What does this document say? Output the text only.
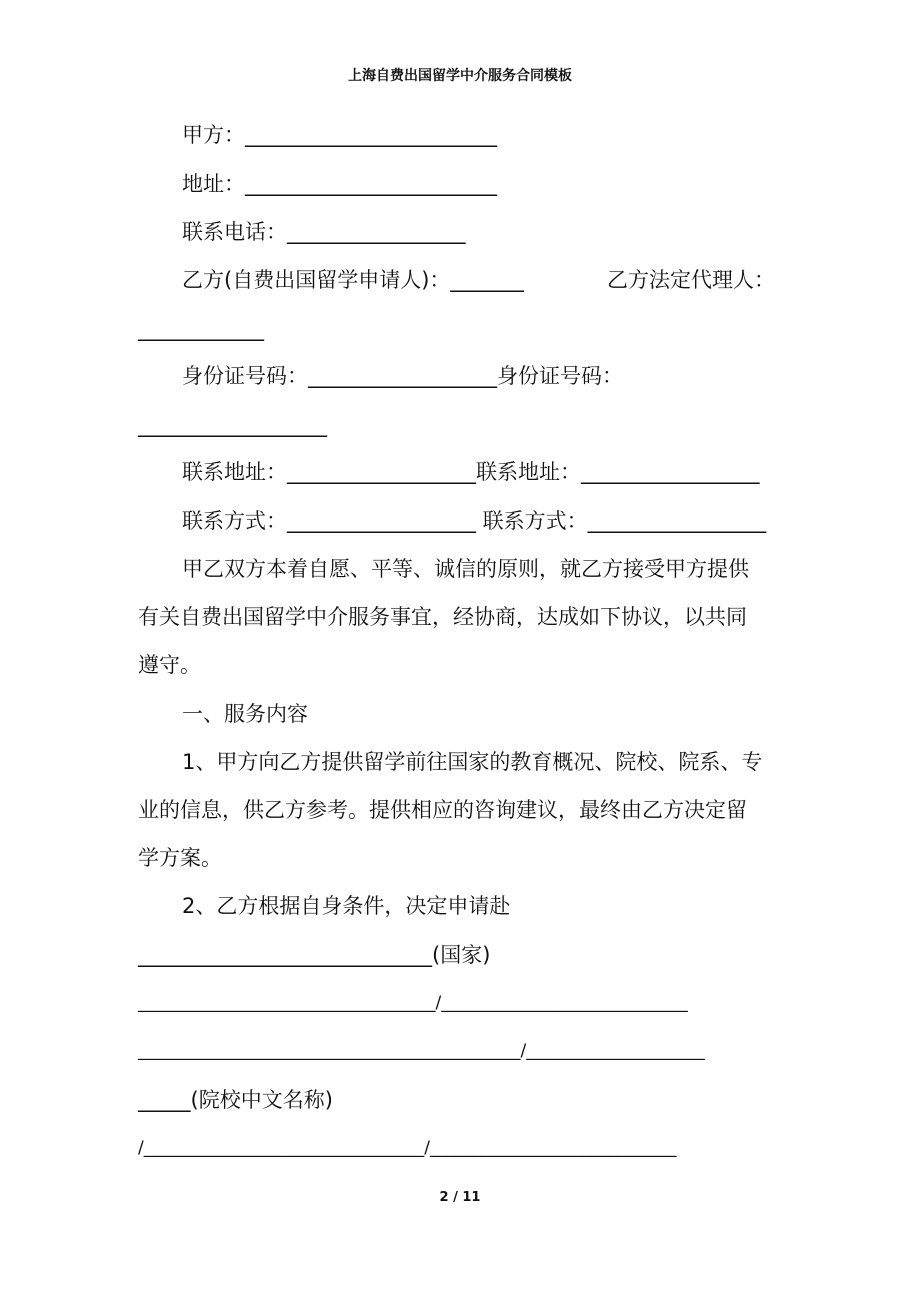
上海自费出国留学中介服务合同模板
甲方：________________________
地址：________________________
联系电话：_________________
乙方(自费出国留学申请人)：_______	乙方法定代理人：
____________
身份证号码：__________________身份证号码：
__________________
联系地址：__________________联系地址：_________________
联系方式：__________________ 联系方式：_________________
甲乙双方本着自愿、平等、诚信的原则，就乙方接受甲方提供
有关自费出国留学中介服务事宜，经协商，达成如下协议，以共同
遵守。
一、服务内容
1、甲方向乙方提供留学前往国家的教育概况、院校、院系、专
业的信息，供乙方参考。提供相应的咨询建议，最终由乙方决定留
学方案。
2、乙方根据自身条件，决定申请赴
____________________________(国家)
___________________________________/_____________________________
_____________________________________________/_____________________
_____(院校中文名称)
/_________________________________/_____________________________
2 / 11
